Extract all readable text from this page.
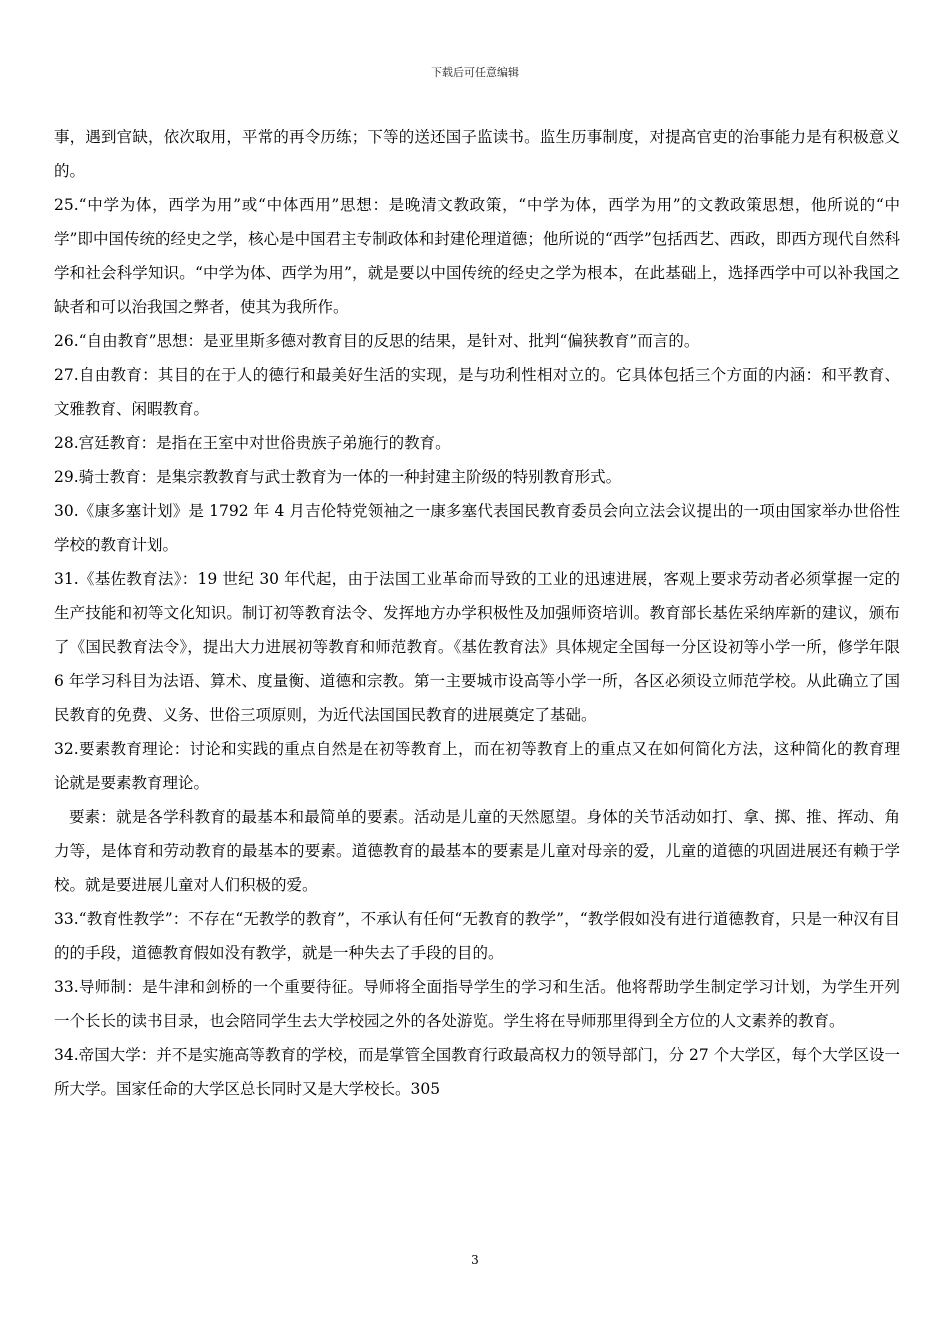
下载后可任意编辑

事，遇到官缺，依次取用，平常的再令历练；下等的送还国子监读书。监生历事制度，对提高官吏的治事能力是有积极意义的。

25.“中学为体，西学为用”或“中体西用”思想：是晚清文教政策，“中学为体，西学为用”的文教政策思想，他所说的“中学”即中国传统的经史之学，核心是中国君主专制政体和封建伦理道德；他所说的“西学”包括西艺、西政，即西方现代自然科学和社会科学知识。“中学为体、西学为用”，就是要以中国传统的经史之学为根本，在此基础上，选择西学中可以补我国之缺者和可以治我国之弊者，使其为我所作。

26.“自由教育”思想：是亚里斯多德对教育目的反思的结果，是针对、批判“偏狭教育”而言的。

27.自由教育：其目的在于人的德行和最美好生活的实现，是与功利性相对立的。它具体包括三个方面的内涵：和平教育、文雅教育、闲暇教育。

28.宫廷教育：是指在王室中对世俗贵族子弟施行的教育。

29.骑士教育：是集宗教教育与武士教育为一体的一种封建主阶级的特别教育形式。

30.《康多塞计划》是 1792 年 4 月吉伦特党领袖之一康多塞代表国民教育委员会向立法会议提出的一项由国家举办世俗性学校的教育计划。

31.《基佐教育法》：19 世纪 30 年代起，由于法国工业革命而导致的工业的迅速进展，客观上要求劳动者必须掌握一定的生产技能和初等文化知识。制订初等教育法令、发挥地方办学积极性及加强师资培训。教育部长基佐采纳库新的建议，颁布了《国民教育法令》，提出大力进展初等教育和师范教育。《基佐教育法》具体规定全国每一分区设初等小学一所，修学年限 6 年学习科目为法语、算术、度量衡、道德和宗教。第一主要城市设高等小学一所，各区必须设立师范学校。从此确立了国民教育的免费、义务、世俗三项原则，为近代法国国民教育的进展奠定了基础。

32.要素教育理论：讨论和实践的重点自然是在初等教育上，而在初等教育上的重点又在如何简化方法，这种简化的教育理论就是要素教育理论。

要素：就是各学科教育的最基本和最简单的要素。活动是儿童的天然愿望。身体的关节活动如打、拿、掷、推、挥动、角力等，是体育和劳动教育的最基本的要素。道德教育的最基本的要素是儿童对母亲的爱，儿童的道德的巩固进展还有赖于学校。就是要进展儿童对人们积极的爱。

33.“教育性教学”：不存在“无教学的教育”，不承认有任何“无教育的教学”，“教学假如没有进行道德教育，只是一种汉有目的的手段，道德教育假如没有教学，就是一种失去了手段的目的。

33.导师制：是牛津和剑桥的一个重要待征。导师将全面指导学生的学习和生活。他将帮助学生制定学习计划，为学生开列一个长长的读书目录，也会陪同学生去大学校园之外的各处游览。学生将在导师那里得到全方位的人文素养的教育。

34.帝国大学：并不是实施高等教育的学校，而是掌管全国教育行政最高权力的领导部门，分 27 个大学区，每个大学区设一所大学。国家任命的大学区总长同时又是大学校长。305

3
